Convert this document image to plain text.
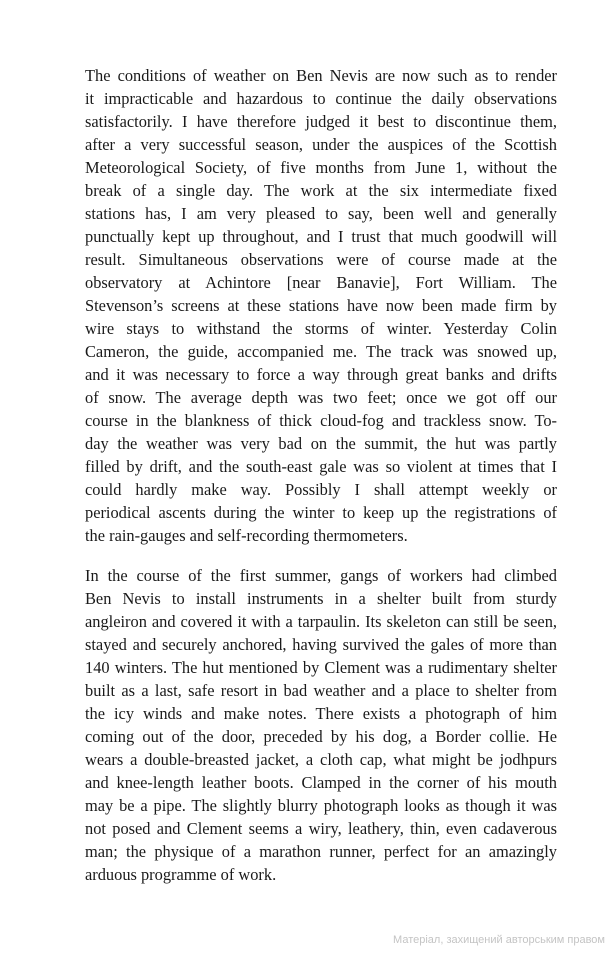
The conditions of weather on Ben Nevis are now such as to render
it impracticable and hazardous to continue the daily observations
satisfactorily. I have therefore judged it best to discontinue them,
after a very successful season, under the auspices of the Scottish
Meteorological Society, of five months from June 1, without the
break of a single day. The work at the six intermediate fixed
stations has, I am very pleased to say, been well and generally
punctually kept up throughout, and I trust that much goodwill will
result. Simultaneous observations were of course made at the
observatory at Achintore [near Banavie], Fort William. The
Stevenson’s screens at these stations have now been made firm by
wire stays to withstand the storms of winter. Yesterday Colin
Cameron, the guide, accompanied me. The track was snowed up,
and it was necessary to force a way through great banks and drifts
of snow. The average depth was two feet; once we got off our
course in the blankness of thick cloud-fog and trackless snow. To-
day the weather was very bad on the summit, the hut was partly
filled by drift, and the south-east gale was so violent at times that I
could hardly make way. Possibly I shall attempt weekly or
periodical ascents during the winter to keep up the registrations of
the rain-gauges and self-recording thermometers.
In the course of the first summer, gangs of workers had climbed
Ben Nevis to install instruments in a shelter built from sturdy
angleiron and covered it with a tarpaulin. Its skeleton can still be seen,
stayed and securely anchored, having survived the gales of more than
140 winters. The hut mentioned by Clement was a rudimentary shelter
built as a last, safe resort in bad weather and a place to shelter from
the icy winds and make notes. There exists a photograph of him
coming out of the door, preceded by his dog, a Border collie. He
wears a double-breasted jacket, a cloth cap, what might be jodhpurs
and knee-length leather boots. Clamped in the corner of his mouth
may be a pipe. The slightly blurry photograph looks as though it was
not posed and Clement seems a wiry, leathery, thin, even cadaverous
man; the physique of a marathon runner, perfect for an amazingly
arduous programme of work.
Матеріал, захищений авторським правом
